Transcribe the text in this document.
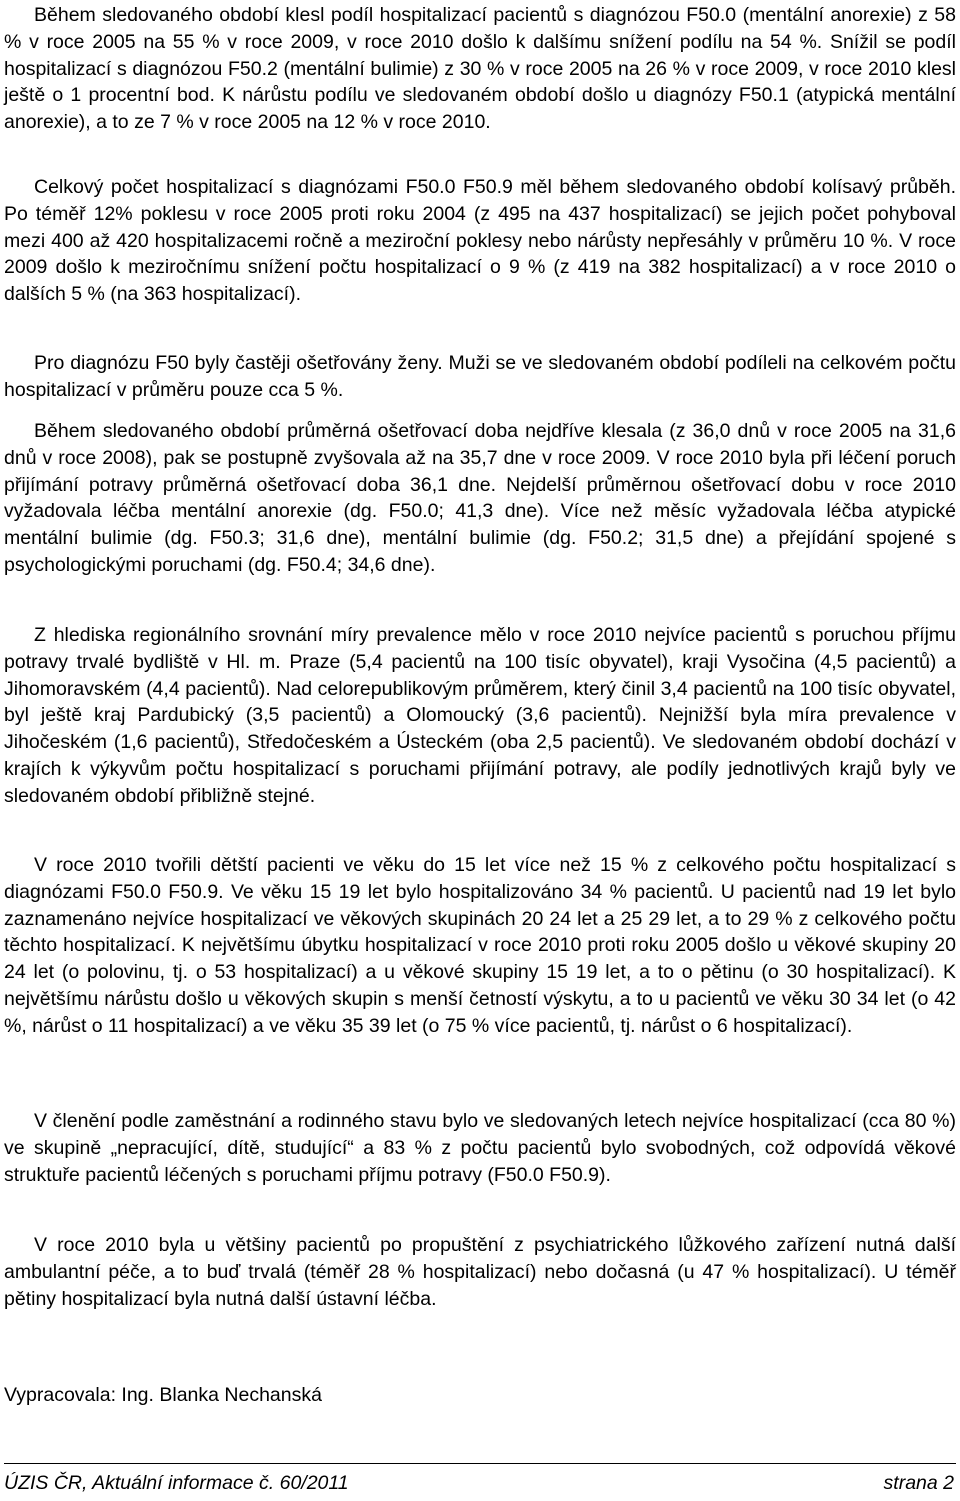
Během sledovaného období klesl podíl hospitalizací pacientů s diagnózou F50.0 (mentální anorexie) z 58 % v roce 2005 na 55 % v roce 2009, v roce 2010 došlo k dalšímu snížení podílu na 54 %. Snížil se podíl hospitalizací s diagnózou F50.2 (mentální bulimie) z 30 % v roce 2005 na 26 % v roce 2009, v roce 2010 klesl ještě o 1 procentní bod. K nárůstu podílu ve sledovaném období došlo u diagnózy F50.1 (atypická mentální anorexie), a to ze 7 % v roce 2005 na 12 % v roce 2010.

Celkový počet hospitalizací s diagnózami F50.0 F50.9 měl během sledovaného období kolísavý průběh. Po téměř 12% poklesu v roce 2005 proti roku 2004 (z 495 na 437 hospitalizací) se jejich počet pohyboval mezi 400 až 420 hospitalizacemi ročně a meziroční poklesy nebo nárůsty nepřesáhly v průměru 10 %. V roce 2009 došlo k meziročnímu snížení počtu hospitalizací o 9 % (z 419 na 382 hospitalizací) a v roce 2010 o dalších 5 % (na 363 hospitalizací).

Pro diagnózu F50 byly častěji ošetřovány ženy. Muži se ve sledovaném období podíleli na celkovém počtu hospitalizací v průměru pouze cca 5 %.

Během sledovaného období průměrná ošetřovací doba nejdříve klesala (z 36,0 dnů v roce 2005 na 31,6 dnů v roce 2008), pak se postupně zvyšovala až na 35,7 dne v roce 2009. V roce 2010 byla při léčení poruch přijímání potravy průměrná ošetřovací doba 36,1 dne. Nejdelší průměrnou ošetřovací dobu v roce 2010 vyžadovala léčba mentální anorexie (dg. F50.0; 41,3 dne). Více než měsíc vyžadovala léčba atypické mentální bulimie (dg. F50.3; 31,6 dne), mentální bulimie (dg. F50.2; 31,5 dne) a přejídání spojené s psychologickými poruchami (dg. F50.4; 34,6 dne).

Z hlediska regionálního srovnání míry prevalence mělo v roce 2010 nejvíce pacientů s poruchou příjmu potravy trvalé bydliště v Hl. m. Praze (5,4 pacientů na 100 tisíc obyvatel), kraji Vysočina (4,5 pacientů) a Jihomoravském (4,4 pacientů). Nad celorepublikovým průměrem, který činil 3,4 pacientů na 100 tisíc obyvatel, byl ještě kraj Pardubický (3,5 pacientů) a Olomoucký (3,6 pacientů). Nejnižší byla míra prevalence v Jihočeském (1,6 pacientů), Středočeském a Ústeckém (oba 2,5 pacientů). Ve sledovaném období dochází v krajích k výkyvům počtu hospitalizací s poruchami přijímání potravy, ale podíly jednotlivých krajů byly ve sledovaném období přibližně stejné.

V roce 2010 tvořili dětští pacienti ve věku do 15 let více než 15 % z celkového počtu hospitalizací s diagnózami F50.0 F50.9. Ve věku 15 19 let bylo hospitalizováno 34 % pacientů. U pacientů nad 19 let bylo zaznamenáno nejvíce hospitalizací ve věkových skupinách 20 24 let a 25 29 let, a to 29 % z celkového počtu těchto hospitalizací. K největšímu úbytku hospitalizací v roce 2010 proti roku 2005 došlo u věkové skupiny 20 24 let (o polovinu, tj. o 53 hospitalizací) a u věkové skupiny 15 19 let, a to o pětinu (o 30 hospitalizací). K největšímu nárůstu došlo u věkových skupin s menší četností výskytu, a to u pacientů ve věku 30 34 let (o 42 %, nárůst o 11 hospitalizací) a ve věku 35 39 let (o 75 % více pacientů, tj. nárůst o 6 hospitalizací).

V členění podle zaměstnání a rodinného stavu bylo ve sledovaných letech nejvíce hospitalizací (cca 80 %) ve skupině „nepracující, dítě, studující“ a 83 % z počtu pacientů bylo svobodných, což odpovídá věkové struktuře pacientů léčených s poruchami příjmu potravy (F50.0 F50.9).

V roce 2010 byla u většiny pacientů po propuštění z psychiatrického lůžkového zařízení nutná další ambulantní péče, a to buď trvalá (téměř 28 % hospitalizací) nebo dočasná (u 47 % hospitalizací). U téměř pětiny hospitalizací byla nutná další ústavní léčba.

Vypracovala: Ing. Blanka Nechanská
ÚZIS ČR, Aktuální informace č. 60/2011	strana 2
